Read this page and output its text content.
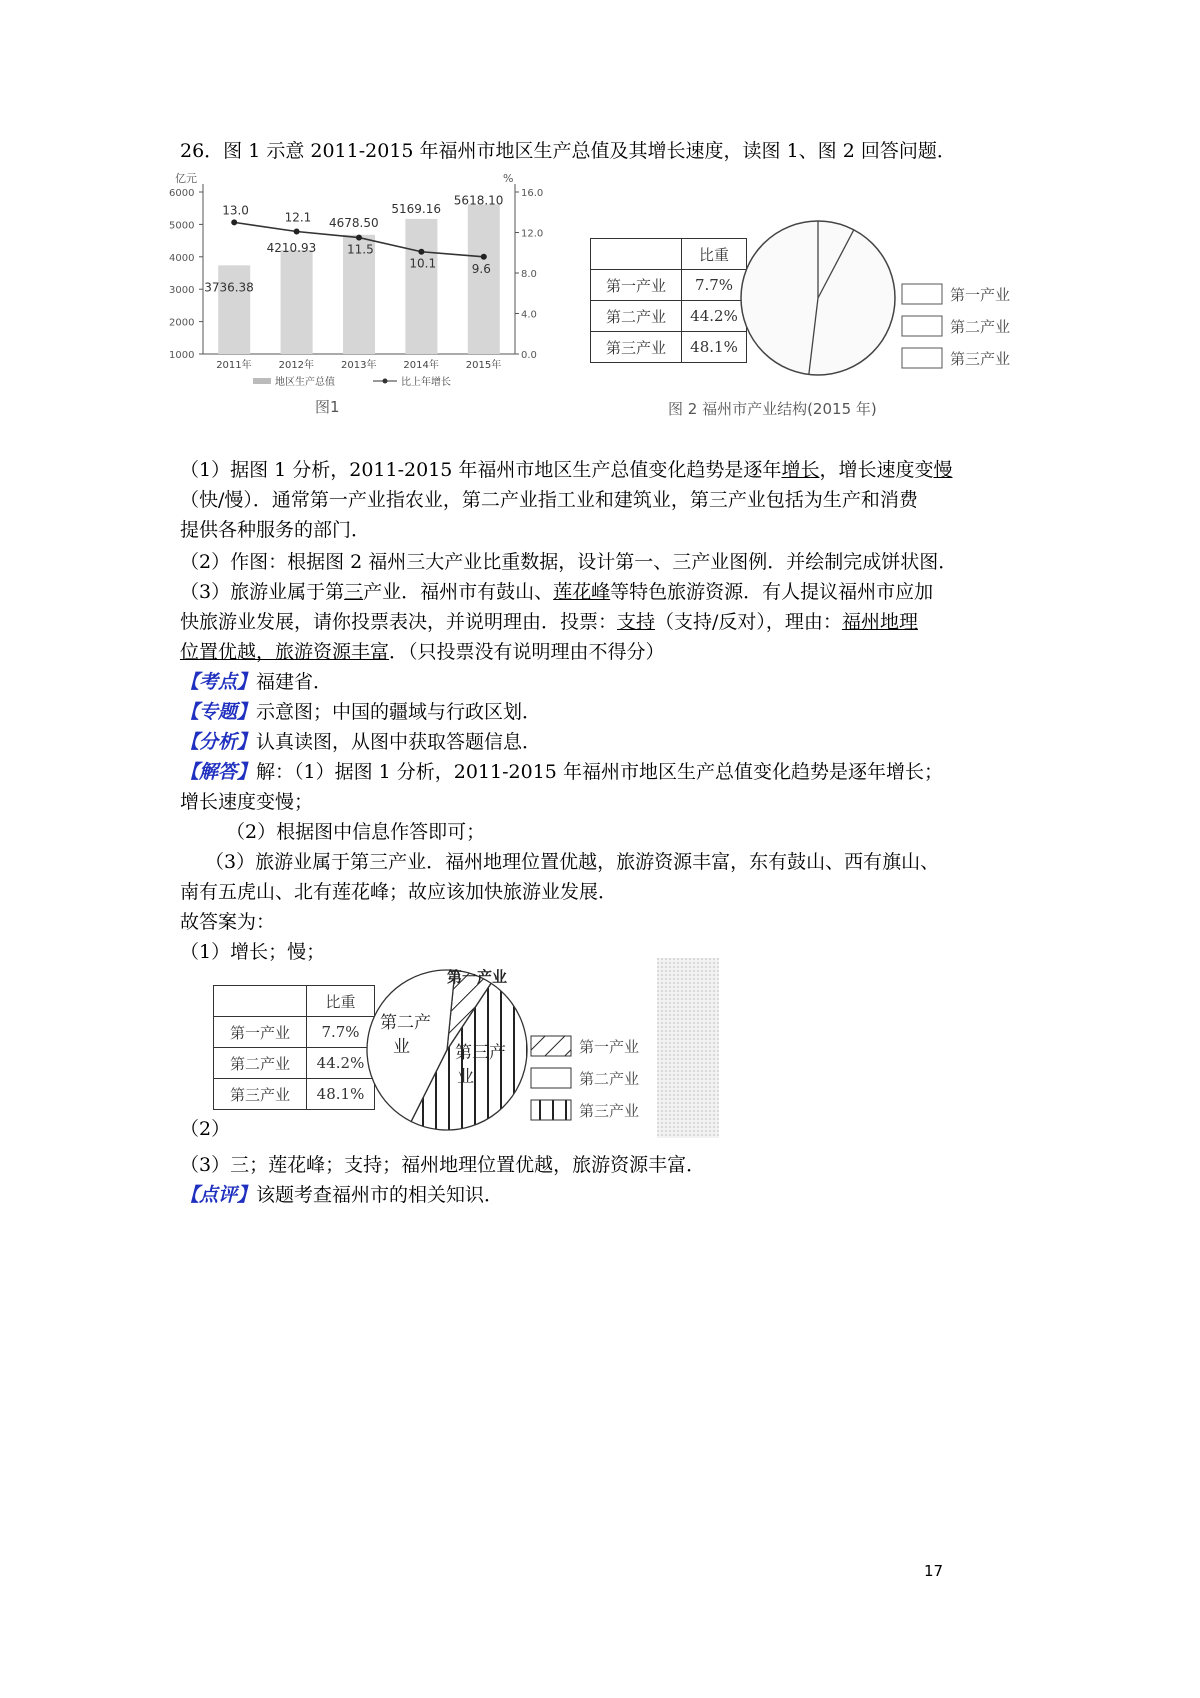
26．图 1 示意 2011-2015 年福州市地区生产总值及其增长速度，读图 1、图 2 回答问题．
亿元	%
1000
2000
3000
4000
5000
6000
0.0
4.0
8.0
12.0
16.0
3736.38
2011年
4210.93
2012年
4678.50
2013年
5169.16
2014年
5618.10
2015年
13.0
12.1
11.5
10.1	9.6
地区生产总值	比上年增长
图1
	比重
第一产业	7.7%
第二产业	44.2%
第三产业	48.1%
第一产业
第二产业
第三产业
图 2 福州市产业结构(2015 年)
（1）据图 1 分析，2011-2015 年福州市地区生产总值变化趋势是逐年增长，增长速度变慢
（快/慢）．通常第一产业指农业，第二产业指工业和建筑业，第三产业包括为生产和消费
提供各种服务的部门．
（2）作图：根据图 2 福州三大产业比重数据，设计第一、三产业图例．并绘制完成饼状图．
（3）旅游业属于第三产业．福州市有鼓山、莲花峰等特色旅游资源．有人提议福州市应加
快旅游业发展，请你投票表决，并说明理由．投票：支持（支持/反对），理由：福州地理
位置优越，旅游资源丰富．（只投票没有说明理由不得分）
【考点】福建省．
【专题】示意图；中国的疆域与行政区划．
【分析】认真读图，从图中获取答题信息．
【解答】解：（1）据图 1 分析，2011-2015 年福州市地区生产总值变化趋势是逐年增长；
增长速度变慢；
（2）根据图中信息作答即可；
（3）旅游业属于第三产业．福州地理位置优越，旅游资源丰富，东有鼓山、西有旗山、
南有五虎山、北有莲花峰；故应该加快旅游业发展．
故答案为：
（1）增长；慢；
	比重
第一产业	7.7%
第二产业	44.2%
第三产业	48.1%
第一产业
第二产
业	第三产
业
第一产业
第二产业
第三产业
（2）
（3）三；莲花峰；支持；福州地理位置优越，旅游资源丰富．
【点评】该题考查福州市的相关知识．
17
